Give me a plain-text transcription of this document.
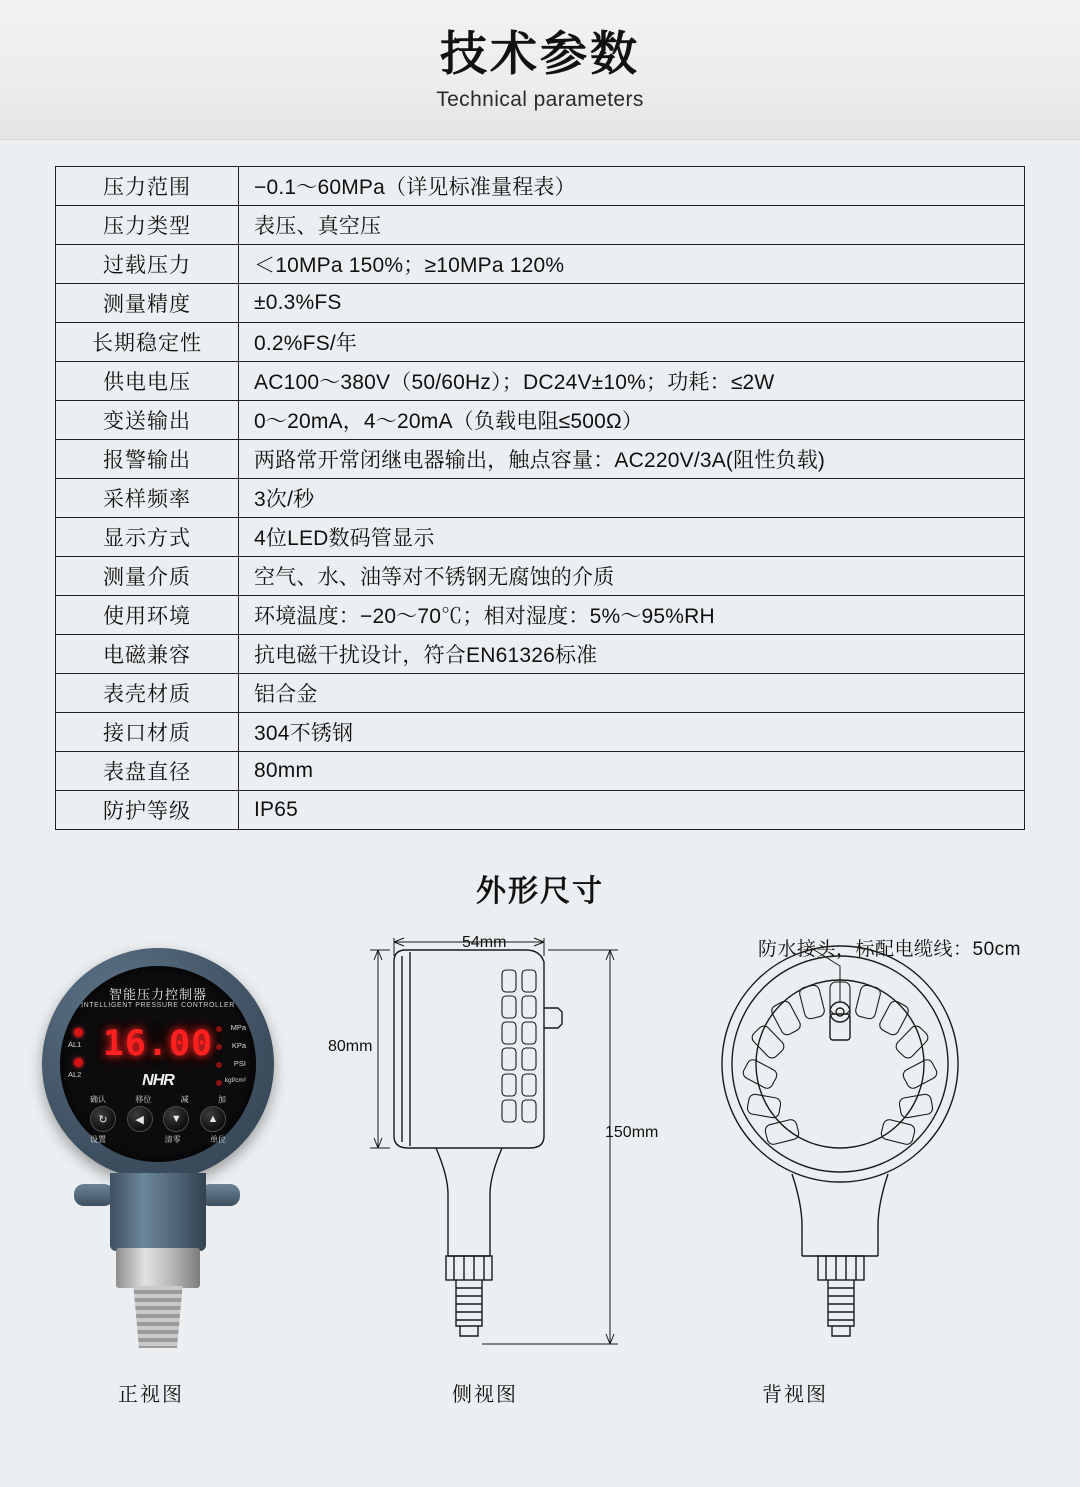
技术参数
Technical parameters
压力范围	−0.1～60MPa（详见标准量程表）
压力类型	表压、真空压
过载压力	＜10MPa 150%；≥10MPa 120%
测量精度	±0.3%FS
长期稳定性	0.2%FS/年
供电电压	AC100～380V（50/60Hz）；DC24V±10%；功耗：≤2W
变送输出	0～20mA，4～20mA（负载电阻≤500Ω）
报警输出	两路常开常闭继电器输出，触点容量：AC220V/3A(阻性负载)
采样频率	3次/秒
显示方式	4位LED数码管显示
测量介质	空气、水、油等对不锈钢无腐蚀的介质
使用环境	环境温度：−20～70℃；相对湿度：5%～95%RH
电磁兼容	抗电磁干扰设计，符合EN61326标准
表壳材质	铝合金
接口材质	304不锈钢
表盘直径	80mm
防护等级	IP65
外形尺寸
防水接头，标配电缆线：50cm
智能压力控制器
INTELLIGENT PRESSURE CONTROLLER
AL1
AL2
16.00	MPa
KPa
PSI
kgf/cm²
NHR
确认	移位	减	加
↻	◀	▼	▲
设置	清零	单位
54mm
80mm
150mm
正视图	侧视图	背视图
